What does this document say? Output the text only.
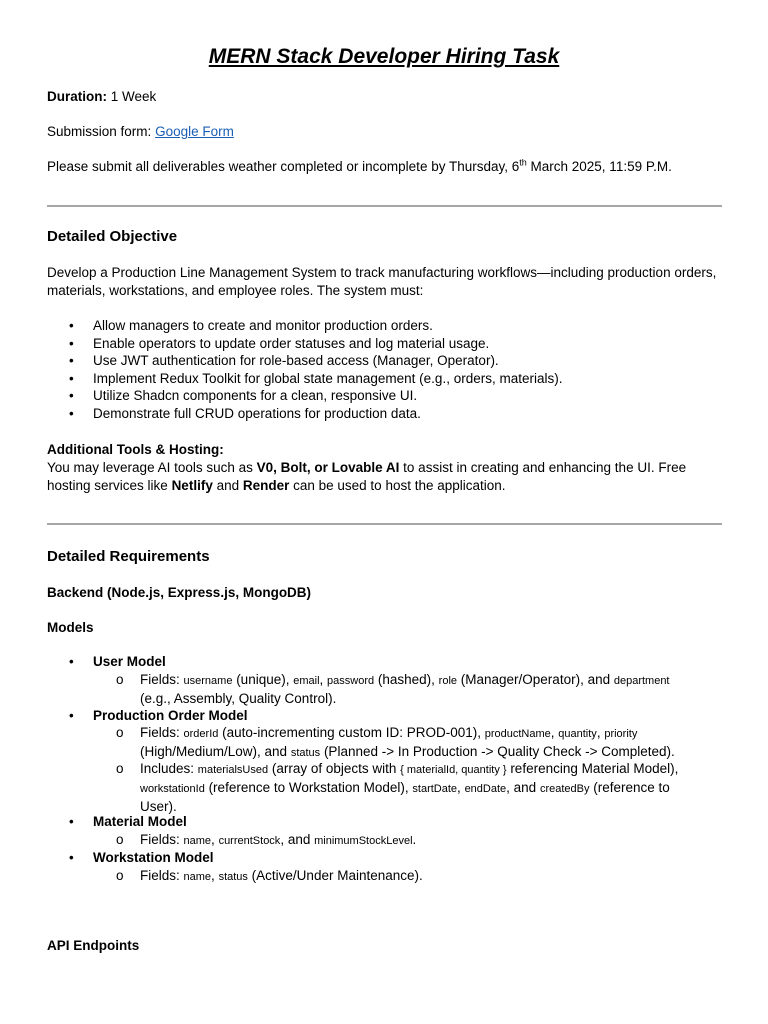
MERN Stack Developer Hiring Task
Duration: 1 Week
Submission form: Google Form
Please submit all deliverables weather completed or incomplete by Thursday, 6th March 2025, 11:59 P.M.
Detailed Objective
Develop a Production Line Management System to track manufacturing workflows—including production orders, materials, workstations, and employee roles. The system must:
• Allow managers to create and monitor production orders.
• Enable operators to update order statuses and log material usage.
• Use JWT authentication for role-based access (Manager, Operator).
• Implement Redux Toolkit for global state management (e.g., orders, materials).
• Utilize Shadcn components for a clean, responsive UI.
• Demonstrate full CRUD operations for production data.
Additional Tools & Hosting:
You may leverage AI tools such as V0, Bolt, or Lovable AI to assist in creating and enhancing the UI. Free hosting services like Netlify and Render can be used to host the application.
Detailed Requirements
Backend (Node.js, Express.js, MongoDB)
Models
• User Model
o Fields: username (unique), email, password (hashed), role (Manager/Operator), and department
(e.g., Assembly, Quality Control).
• Production Order Model
o Fields: orderId (auto-incrementing custom ID: PROD-001), productName, quantity, priority
(High/Medium/Low), and status (Planned -> In Production -> Quality Check -> Completed).
o Includes: materialsUsed (array of objects with { materialId, quantity } referencing Material Model),
workstationId (reference to Workstation Model), startDate, endDate, and createdBy (reference to
User).
• Material Model
o Fields: name, currentStock, and minimumStockLevel.
• Workstation Model
o Fields: name, status (Active/Under Maintenance).
API Endpoints
